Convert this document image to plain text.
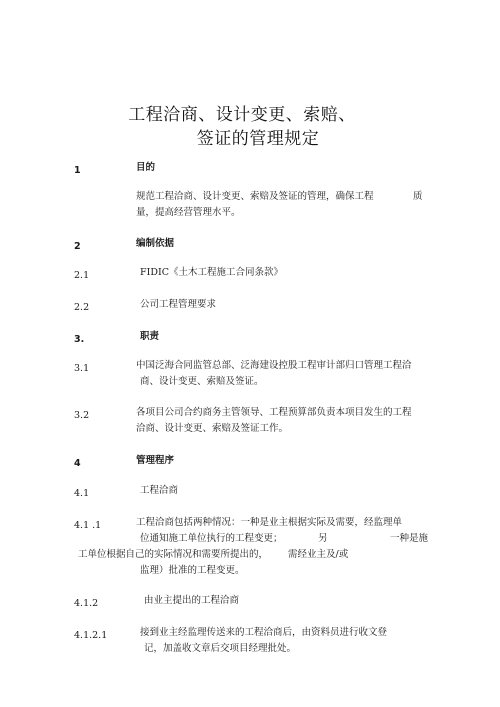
工程洽商、设计变更、索赔、
签证的管理规定
1	目的
规范工程洽商、设计变更、索赔及签证的管理，确保工程	质
量，提高经营管理水平。
2	编制依据
2.1	FIDIC《土木工程施工合同条款》
2.2	公司工程管理要求
3.	职责
3.1	中国泛海合同监管总部、泛海建设控股工程审计部归口管理工程洽
商、设计变更、索赔及签证。
3.2	各项目公司合约商务主管领导、工程预算部负责本项目发生的工程
洽商、设计变更、索赔及签证工作。
4	管理程序
4.1	工程洽商
4.1 .1	工程洽商包括两种情况：一种是业主根据实际及需要，经监理单
位通知施工单位执行的工程变更；	另	一种是施
工单位根据自己的实际情况和需要所提出的， 需经业主及/或
监理）批准的工程变更。
4.1.2	由业主提出的工程洽商
4.1.2.1	接到业主经监理传送来的工程洽商后，由资料员进行收文登
记，加盖收文章后交项目经理批处。
